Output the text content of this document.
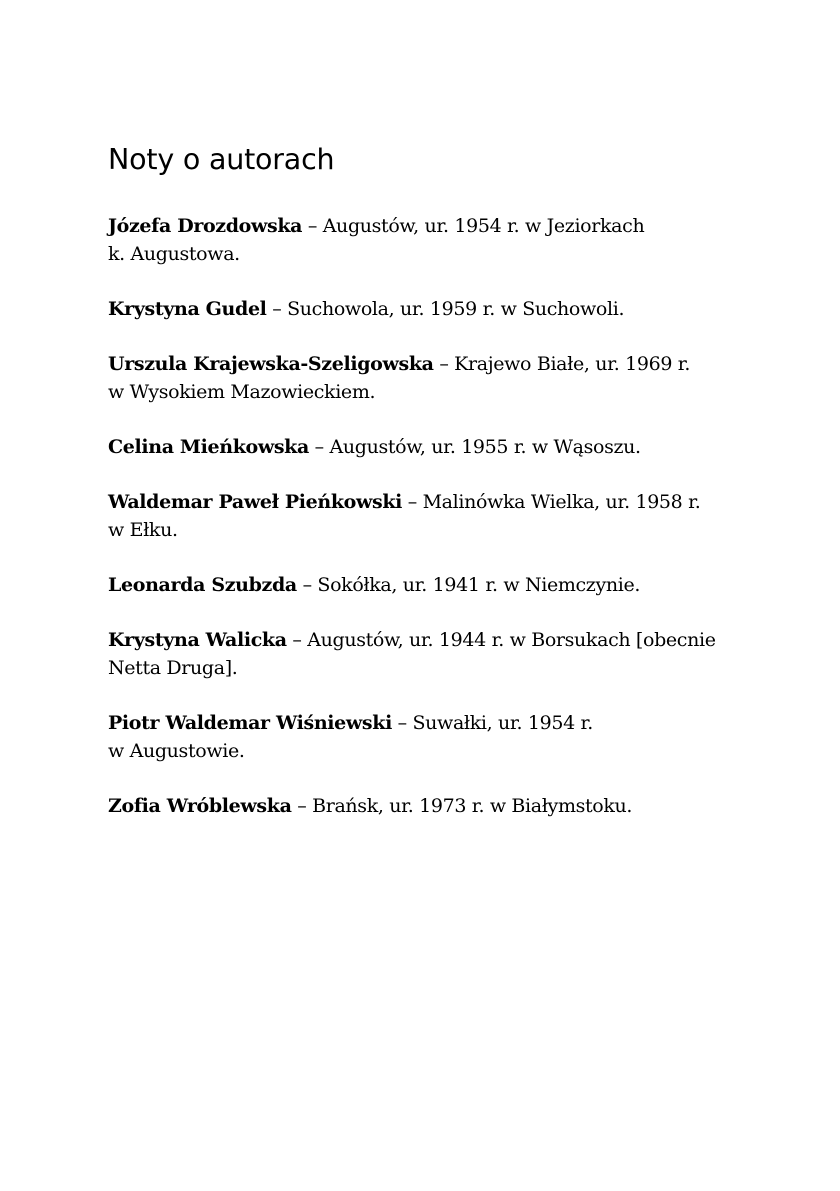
Noty o autorach

Józefa Drozdowska – Augustów, ur. 1954 r. w Jeziorkach
k. Augustowa.

Krystyna Gudel – Suchowola, ur. 1959 r. w Suchowoli.

Urszula Krajewska-Szeligowska – Krajewo Białe, ur. 1969 r.
w Wysokiem Mazowieckiem.

Celina Mieńkowska – Augustów, ur. 1955 r. w Wąsoszu.

Waldemar Paweł Pieńkowski – Malinówka Wielka, ur. 1958 r.
w Ełku.

Leonarda Szubzda – Sokółka, ur. 1941 r. w Niemczynie.

Krystyna Walicka – Augustów, ur. 1944 r. w Borsukach [obecnie
Netta Druga].

Piotr Waldemar Wiśniewski – Suwałki, ur. 1954 r.
w Augustowie.

Zofia Wróblewska – Brańsk, ur. 1973 r. w Białymstoku.
